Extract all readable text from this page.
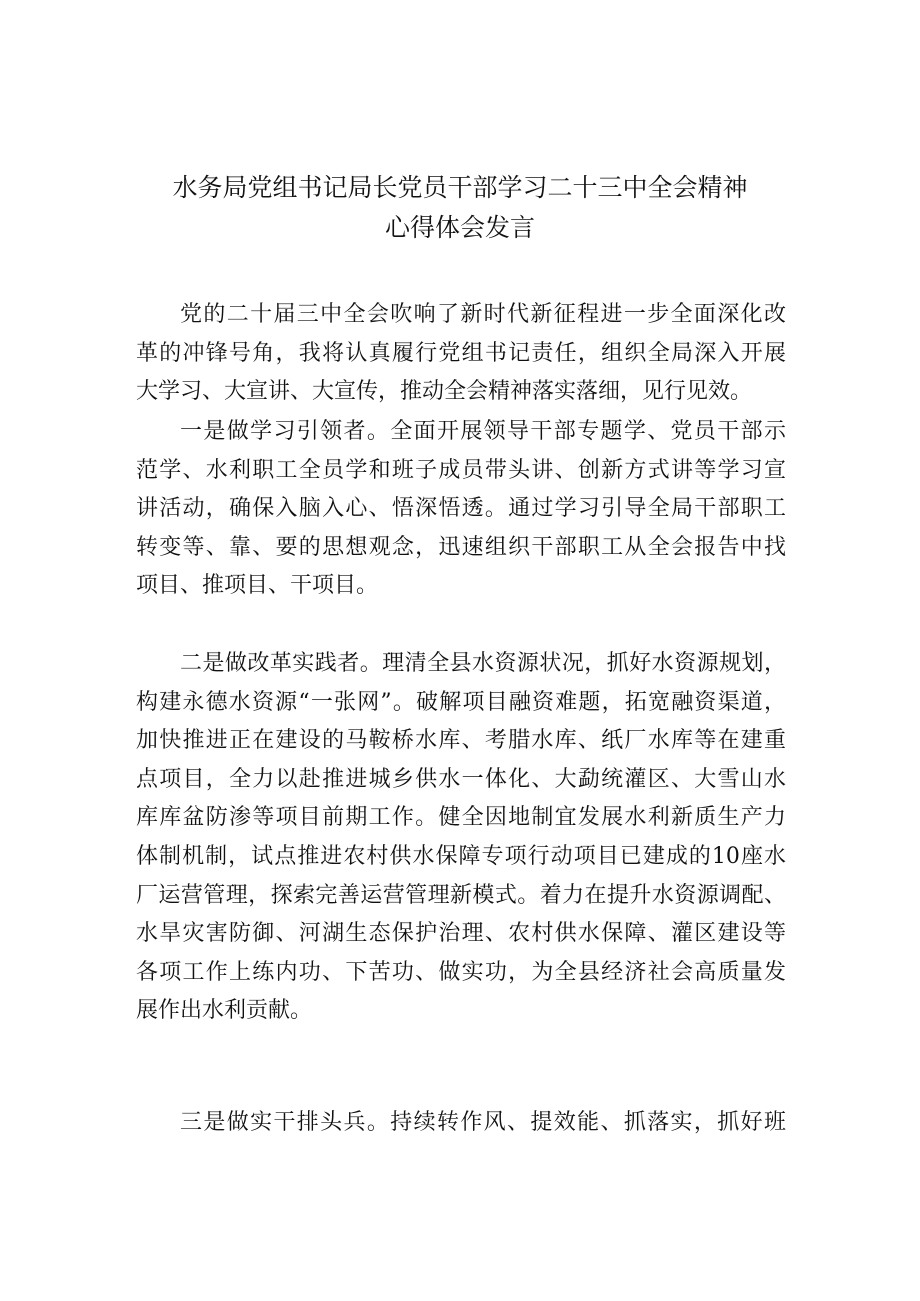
水务局党组书记局长党员干部学习二十三中全会精神
心得体会发言
党的二十届三中全会吹响了新时代新征程进一步全面深化改
革的冲锋号角，我将认真履行党组书记责任，组织全局深入开展
大学习、大宣讲、大宣传，推动全会精神落实落细，见行见效。
一是做学习引领者。全面开展领导干部专题学、党员干部示
范学、水利职工全员学和班子成员带头讲、创新方式讲等学习宣
讲活动，确保入脑入心、悟深悟透。通过学习引导全局干部职工
转变等、靠、要的思想观念，迅速组织干部职工从全会报告中找
项目、推项目、干项目。
二是做改革实践者。理清全县水资源状况，抓好水资源规划，
构建永德水资源“一张网”。破解项目融资难题，拓宽融资渠道，
加快推进正在建设的马鞍桥水库、考腊水库、纸厂水库等在建重
点项目，全力以赴推进城乡供水一体化、大勐统灌区、大雪山水
库库盆防渗等项目前期工作。健全因地制宜发展水利新质生产力
体制机制，试点推进农村供水保障专项行动项目已建成的10座水
厂运营管理，探索完善运营管理新模式。着力在提升水资源调配、
水旱灾害防御、河湖生态保护治理、农村供水保障、灌区建设等
各项工作上练内功、下苦功、做实功，为全县经济社会高质量发
展作出水利贡献。
三是做实干排头兵。持续转作风、提效能、抓落实，抓好班
